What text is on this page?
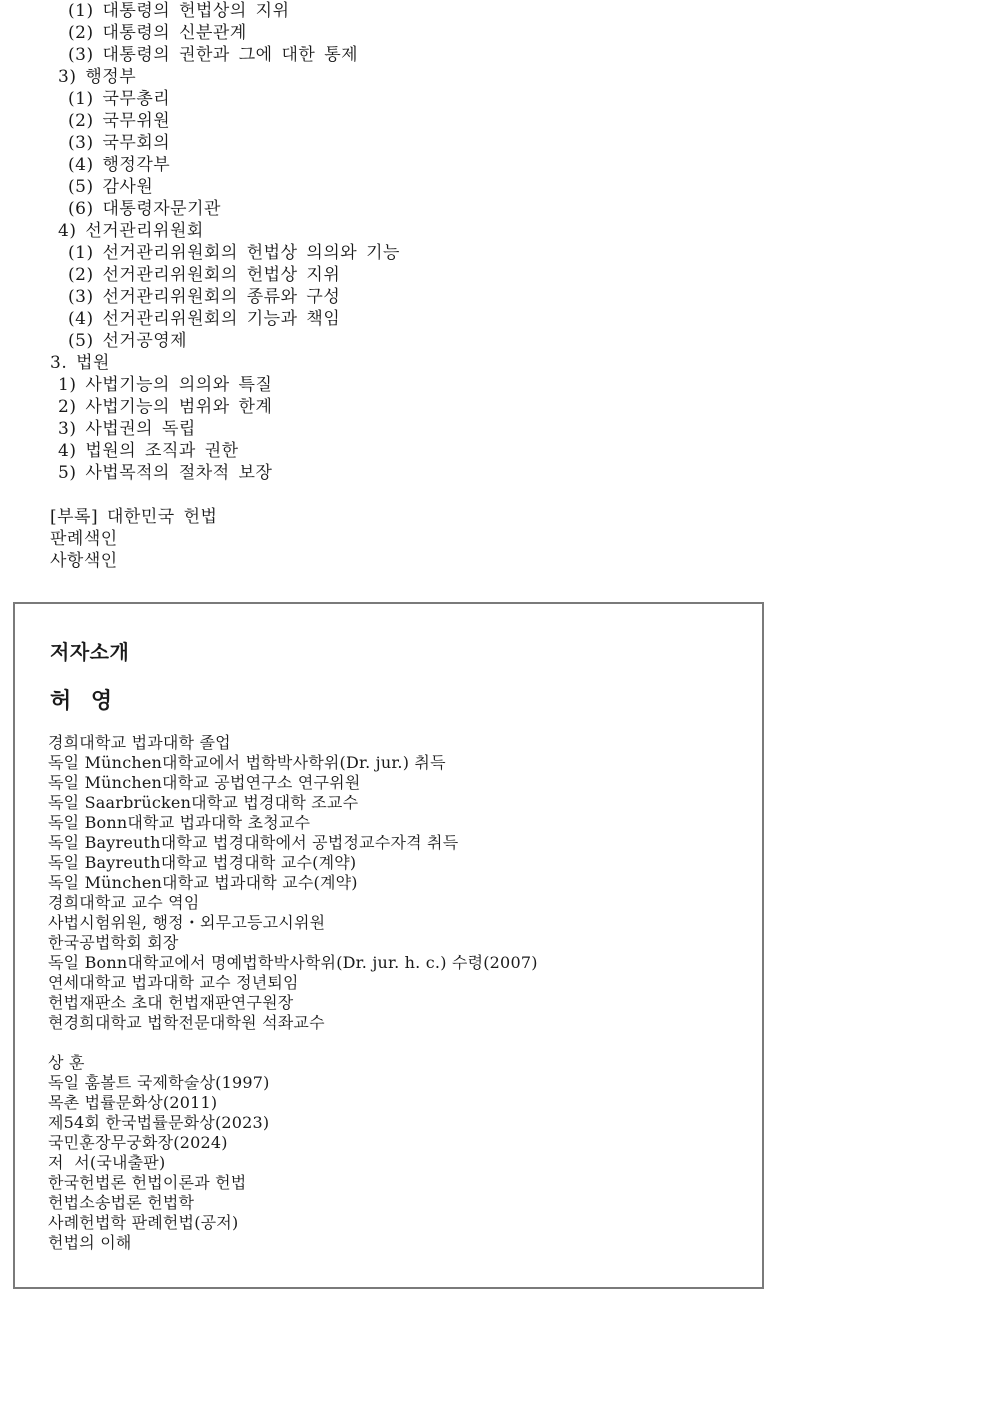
(1) 대통령의 헌법상의 지위
(2) 대통령의 신분관계
(3) 대통령의 권한과 그에 대한 통제
3) 행정부
(1) 국무총리
(2) 국무위원
(3) 국무회의
(4) 행정각부
(5) 감사원
(6) 대통령자문기관
4) 선거관리위원회
(1) 선거관리위원회의 헌법상 의의와 기능
(2) 선거관리위원회의 헌법상 지위
(3) 선거관리위원회의 종류와 구성
(4) 선거관리위원회의 기능과 책임
(5) 선거공영제
3. 법원
1) 사법기능의 의의와 특질
2) 사법기능의 범위와 한계
3) 사법권의 독립
4) 법원의 조직과 권한
5) 사법목적의 절차적 보장
[부록] 대한민국 헌법
판례색인
사항색인
저자소개
허 영
경희대학교 법과대학 졸업
독일 München대학교에서 법학박사학위(Dr. jur.) 취득
독일 München대학교 공법연구소 연구위원
독일 Saarbrücken대학교 법경대학 조교수
독일 Bonn대학교 법과대학 초청교수
독일 Bayreuth대학교 법경대학에서 공법정교수자격 취득
독일 Bayreuth대학교 법경대학 교수(계약)
독일 München대학교 법과대학 교수(계약)
경희대학교 교수 역임
사법시험위원, 행정・외무고등고시위원
한국공법학회 회장
독일 Bonn대학교에서 명예법학박사학위(Dr. jur. h. c.) 수령(2007)
연세대학교 법과대학 교수 정년퇴임
헌법재판소 초대 헌법재판연구원장
현경희대학교 법학전문대학원 석좌교수
상 훈
독일 훔볼트 국제학술상(1997)
목촌 법률문화상(2011)
제54회 한국법률문화상(2023)
국민훈장무궁화장(2024)
저  서(국내출판)
한국헌법론 헌법이론과 헌법
헌법소송법론 헌법학
사례헌법학 판례헌법(공저)
헌법의 이해
